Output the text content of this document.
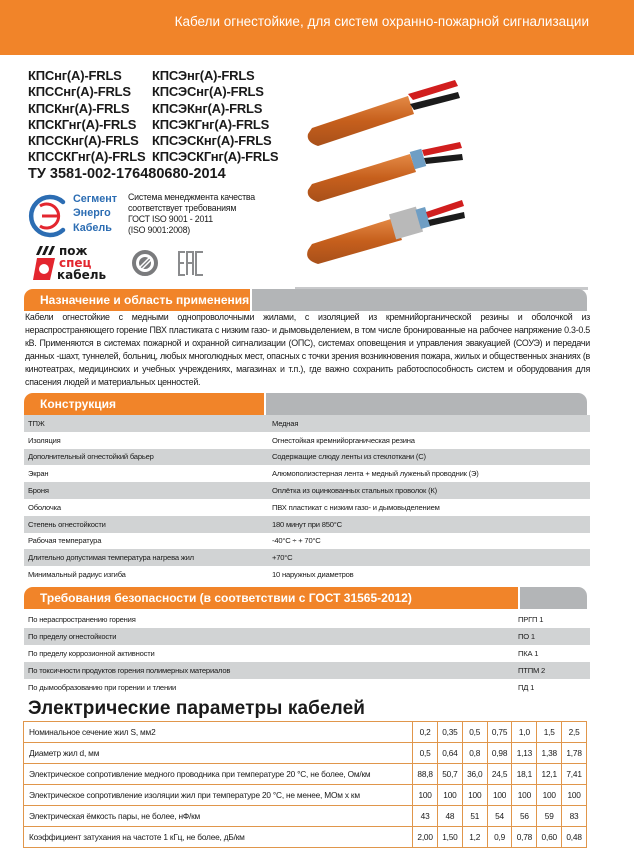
Кабели огнестойкие, для систем охранно-пожарной сигнализации
КПСнг(А)-FRLS	КПСЭнг(А)-FRLS
КПССнг(А)-FRLS	КПСЭСнг(А)-FRLS
КПСКнг(А)-FRLS	КПСЭКнг(А)-FRLS
КПСКГнг(А)-FRLS	КПСЭКГнг(А)-FRLS
КПССКнг(А)-FRLS	КПСЭСКнг(А)-FRLS
КПССКГнг(А)-FRLS КПСЭСКГнг(А)-FRLS
ТУ 3581-002-176480680-2014
Сегмент
Энерго
Кабель
Система менеджмента качества
соответствует требованиям
ГОСТ ISO 9001 - 2011
(ISO 9001:2008)
пож
спец
кабель
Назначение и область применения
Кабели огнестойкие с медными однопроволочными жилами, с изоляцией из кремнийорганической резины и оболочкой из нераспространяющего горение ПВХ пластиката с низким газо- и дымовыделением, в том числе бронированные на рабочее напряжение 0.3-0.5 кВ. Применяются в системах пожарной и охранной сигнализации (ОПС), системах оповещения и управления эвакуацией (СОУЭ) и передачи данных -шахт, туннелей, больниц, любых многолюдных мест, опасных с точки зрения возникновения пожара, жилых и общественных знаниях (в кинотеатрах, медицинских и учебных учреждениях, магазинах и т.п.), где важно сохранить работоспособность систем и оборудования для спасения людей и материальных ценностей.
Конструкция
ТПЖ	Медная
Изоляция	Огнестойкая кремнийорганическая резина
Дополнительный огнестойкий барьер	Содержащие слюду ленты из стеклоткани (С)
Экран	Алюмополиэстерная лента + медный луженый проводник (Э)
Броня	Оплётка из оцинкованных стальных проволок (К)
Оболочка	ПВХ пластикат с низким газо- и дымовыделением
Степень огнестойкости	180 минут при 850°С
Рабочая температура	-40°С ÷ + 70°С
Длительно допустимая температура нагрева жил	+70°С
Минимальный радиус изгиба	10 наружных диаметров
Требования безопасности (в соответствии с ГОСТ 31565-2012)
По нераспространению горения	ПРГП 1
По пределу огнестойкости	ПО 1
По пределу коррозионной активности	ПКА 1
По токсичности продуктов горения полимерных материалов	ПТПМ 2
По дымообразованию при горении и тлении	ПД 1
Электрические параметры кабелей
Номинальное сечение жил S, мм2	0,2	0,35	0,5	0,75	1,0	1,5	2,5
Диаметр жил d, мм	0,5	0,64	0,8	0,98	1,13	1,38	1,78
Электрическое сопротивление медного проводника при температуре 20 °С, не более, Ом/км	88,8	50,7	36,0	24,5	18,1	12,1	7,41
Электрическое сопротивление изоляции жил при температуре 20 °С, не менее, МОм х км	100	100	100	100	100	100	100
Электрическая ёмкость пары, не более, нФ/км	43	48	51	54	56	59	83
Коэффициент затухания на частоте 1 кГц, не более, дБ/км	2,00	1,50	1,2	0,9	0,78	0,60	0,48
